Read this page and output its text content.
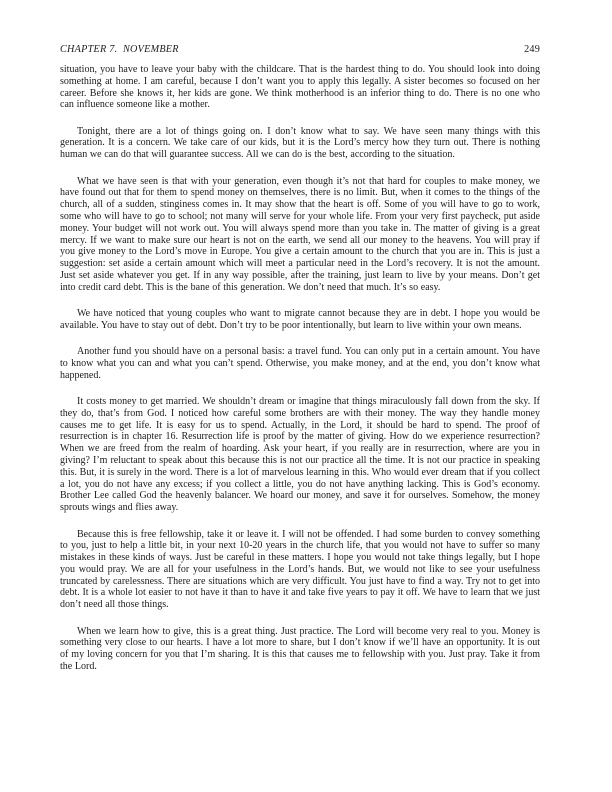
CHAPTER 7.  NOVEMBER	249

situation, you have to leave your baby with the childcare. That is the hardest thing to do. You should look into doing something at home. I am careful, because I don’t want you to apply this legally. A sister becomes so focused on her career. Before she knows it, her kids are gone. We think motherhood is an inferior thing to do. There is no one who can influence someone like a mother.

Tonight, there are a lot of things going on. I don’t know what to say. We have seen many things with this generation. It is a concern. We take care of our kids, but it is the Lord’s mercy how they turn out. There is nothing human we can do that will guarantee success. All we can do is the best, according to the situation.

What we have seen is that with your generation, even though it’s not that hard for couples to make money, we have found out that for them to spend money on themselves, there is no limit. But, when it comes to the things of the church, all of a sudden, stinginess comes in. It may show that the heart is off. Some of you will have to go to work, some who will have to go to school; not many will serve for your whole life. From your very first paycheck, put aside money. Your budget will not work out. You will always spend more than you take in. The matter of giving is a great mercy. If we want to make sure our heart is not on the earth, we send all our money to the heavens. You will pray if you give money to the Lord’s move in Europe. You give a certain amount to the church that you are in. This is just a suggestion: set aside a certain amount which will meet a particular need in the Lord’s recovery. It is not the amount. Just set aside whatever you get. If in any way possible, after the training, just learn to live by your means. Don’t get into credit card debt. This is the bane of this generation. We don’t need that much. It’s so easy.

We have noticed that young couples who want to migrate cannot because they are in debt. I hope you would be available. You have to stay out of debt. Don’t try to be poor intentionally, but learn to live within your own means.

Another fund you should have on a personal basis: a travel fund. You can only put in a certain amount. You have to know what you can and what you can’t spend. Otherwise, you make money, and at the end, you don’t know what happened.

It costs money to get married. We shouldn’t dream or imagine that things miraculously fall down from the sky. If they do, that’s from God. I noticed how careful some brothers are with their money. The way they handle money causes me to get life. It is easy for us to spend. Actually, in the Lord, it should be hard to spend. The proof of resurrection is in chapter 16. Resurrection life is proof by the matter of giving. How do we experience resurrection? When we are freed from the realm of hoarding. Ask your heart, if you really are in resurrection, where are you in giving? I’m reluctant to speak about this because this is not our practice all the time. It is not our practice in speaking this. But, it is surely in the word. There is a lot of marvelous learning in this. Who would ever dream that if you collect a lot, you do not have any excess; if you collect a little, you do not have anything lacking. This is God’s economy. Brother Lee called God the heavenly balancer. We hoard our money, and save it for ourselves. Somehow, the money sprouts wings and flies away.

Because this is free fellowship, take it or leave it. I will not be offended. I had some burden to convey something to you, just to help a little bit, in your next 10-20 years in the church life, that you would not have to suffer so many mistakes in these kinds of ways. Just be careful in these matters. I hope you would not take things legally, but I hope you would pray. We are all for your usefulness in the Lord’s hands. But, we would not like to see your usefulness truncated by carelessness. There are situations which are very difficult. You just have to find a way. Try not to get into debt. It is a whole lot easier to not have it than to have it and take five years to pay it off. We have to learn that we just don’t need all those things.

When we learn how to give, this is a great thing. Just practice. The Lord will become very real to you. Money is something very close to our hearts. I have a lot more to share, but I don’t know if we’ll have an opportunity. It is out of my loving concern for you that I’m sharing. It is this that causes me to fellowship with you. Just pray. Take it from the Lord.
